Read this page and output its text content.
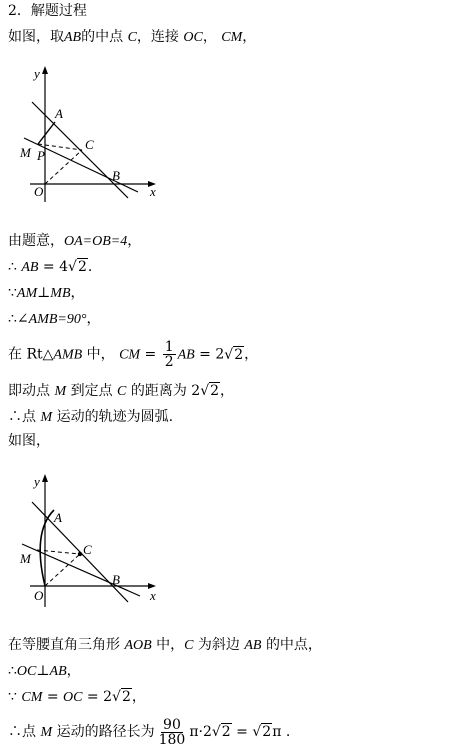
2．解题过程
如图，取AB的中点 C，连接 OC， CM，
y
A
C
M P
O
B
x
由题意，OA=OB=4，
∴ AB = 4√2.
∵AM⊥MB，
∴∠AMB=90°，
在 Rt△AMB 中， CM = $\frac{1}{2}$ AB = 2√2，
即动点 M 到定点 C 的距离为 2√2，
∴点 M 运动的轨迹为圆弧.
如图，
y
A
C
M
O
B
x
在等腰直角三角形 AOB 中，C 为斜边 AB 的中点，
∴OC⊥AB，
∵ CM = OC = 2√2，
∴点 M 运动的路径长为 $\frac{90}{180} \pi\cdot 2√2 = √2\pi$ .
